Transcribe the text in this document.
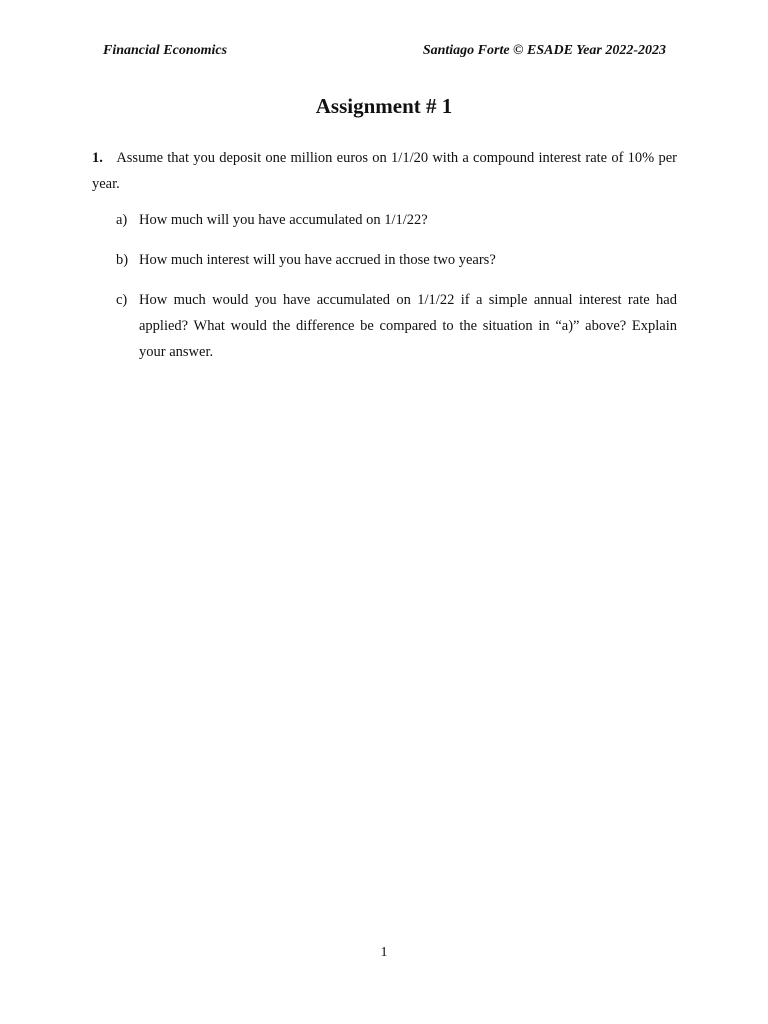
Financial Economics	Santiago Forte © ESADE Year 2022-2023
Assignment # 1
1. Assume that you deposit one million euros on 1/1/20 with a compound interest rate of 10% per year.
a) How much will you have accumulated on 1/1/22?
b) How much interest will you have accrued in those two years?
c) How much would you have accumulated on 1/1/22 if a simple annual interest rate had applied? What would the difference be compared to the situation in “a)” above? Explain your answer.
1
